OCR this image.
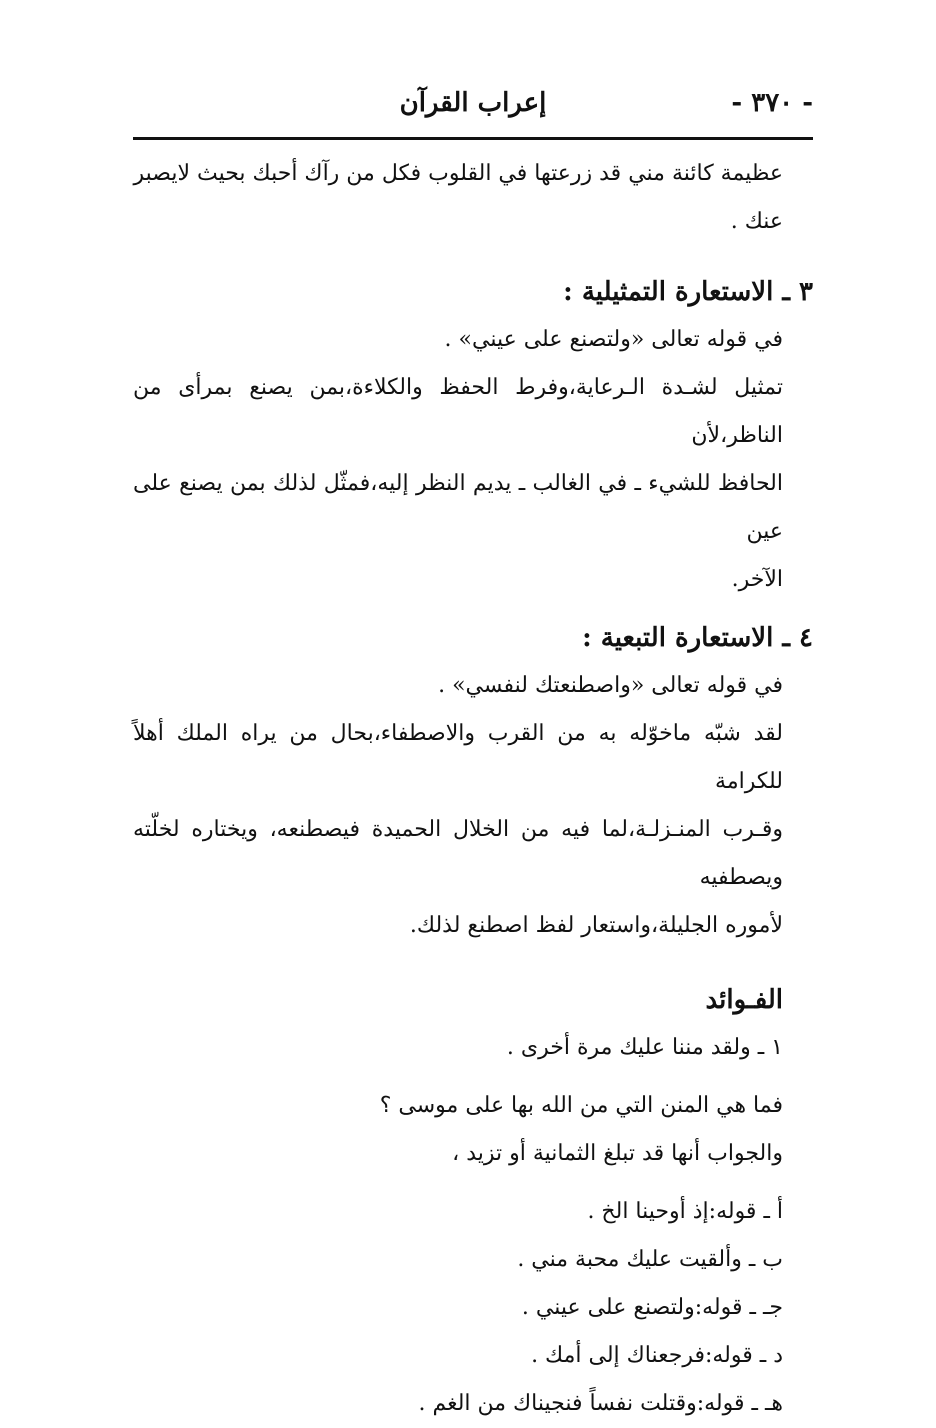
- ٣٧٠ -
إعراب القرآن
عظيمة كائنة مني قد زرعتها في القلوب فكل من رآك أحبك بحيث لايصبر
عنك .
٣ ـ الاستعارة التمثيلية :
في قوله تعالى «ولتصنع على عيني» .
تمثيل لشـدة الـرعاية،وفرط الحفظ والكلاءة،بمن يصنع بمرأى من الناظر،لأن
الحافظ للشيء ـ في الغالب ـ يديم النظر إليه،فمثّل لذلك بمن يصنع على عين
الآخر.
٤ ـ الاستعارة التبعية :
في قوله تعالى «واصطنعتك لنفسي» .
لقد شبّه ماخوّله به من القرب والاصطفاء،بحال من يراه الملك أهلاً للكرامة
وقـرب المنـزلـة،لما فيه من الخلال الحميدة فيصطنعه، ويختاره لخلّته ويصطفيه
لأموره الجليلة،واستعار لفظ اصطنع لذلك.
الفـوائد
١ ـ ولقد مننا عليك مرة أخرى .
فما هي المنن التي من الله بها على موسى ؟
والجواب أنها قد تبلغ الثمانية أو تزيد ،
أ ـ قوله:إذ أوحينا الخ .
ب ـ وألقيت عليك محبة مني .
جـ ـ قوله:ولتصنع على عيني .
د ـ قوله:فرجعناك إلى أمك .
هـ ـ قوله:وقتلت نفساً فنجيناك من الغم .
